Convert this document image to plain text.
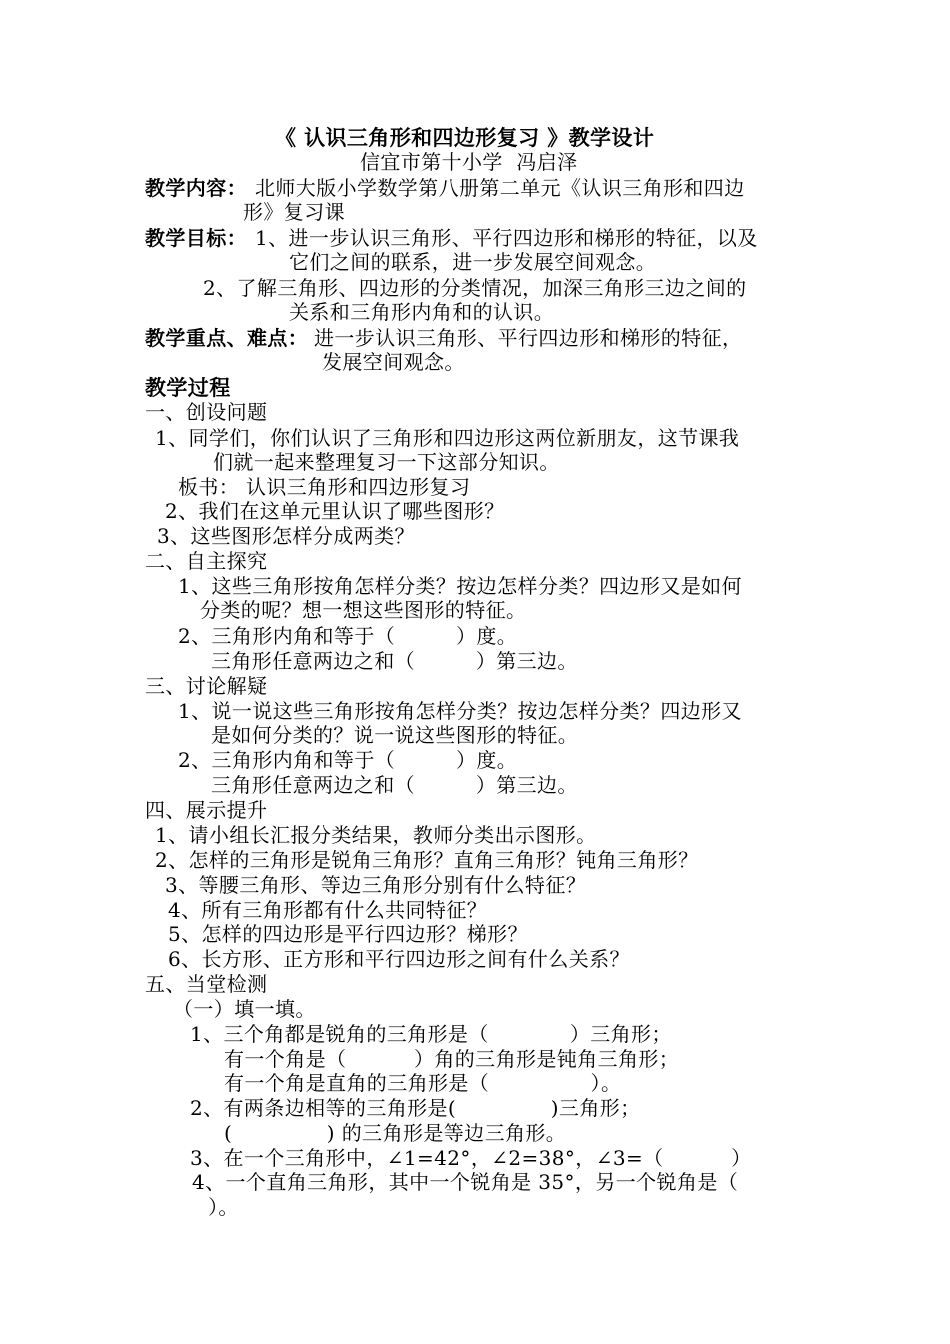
《 认识三角形和四边形复习 》教学设计
信宜市第十小学  冯启泽
教学内容： 北师大版小学数学第八册第二单元《认识三角形和四边
形》复习课
教学目标： 1、进一步认识三角形、平行四边形和梯形的特征，以及
它们之间的联系，进一步发展空间观念。
2、了解三角形、四边形的分类情况，加深三角形三边之间的
关系和三角形内角和的认识。
教学重点、难点： 进一步认识三角形、平行四边形和梯形的特征，
发展空间观念。
教学过程
一、创设问题
1、同学们，你们认识了三角形和四边形这两位新朋友，这节课我
们就一起来整理复习一下这部分知识。
板书： 认识三角形和四边形复习
2、我们在这单元里认识了哪些图形？
3、这些图形怎样分成两类？
二、自主探究
1、这些三角形按角怎样分类？按边怎样分类？四边形又是如何
分类的呢？想一想这些图形的特征。
2、三角形内角和等于（         ）度。
三角形任意两边之和（         ）第三边。
三、讨论解疑
1、说一说这些三角形按角怎样分类？按边怎样分类？四边形又
是如何分类的？说一说这些图形的特征。
2、三角形内角和等于（         ）度。
三角形任意两边之和（         ）第三边。
四、展示提升
1、请小组长汇报分类结果，教师分类出示图形。
2、怎样的三角形是锐角三角形？直角三角形？钝角三角形？
3、等腰三角形、等边三角形分别有什么特征？
4、所有三角形都有什么共同特征？
5、怎样的四边形是平行四边形？梯形？
6、长方形、正方形和平行四边形之间有什么关系？
五、当堂检测
（一）填一填。
1、三个角都是锐角的三角形是（            ）三角形；
有一个角是（          ）角的三角形是钝角三角形；
有一个角是直角的三角形是（               ）。
2、有两条边相等的三角形是(              )三角形；
(              ) 的三角形是等边三角形。
3、在一个三角形中，∠1=42°，∠2=38°，∠3=（          ）
4、一个直角三角形，其中一个锐角是 35°，另一个锐角是（
）。
